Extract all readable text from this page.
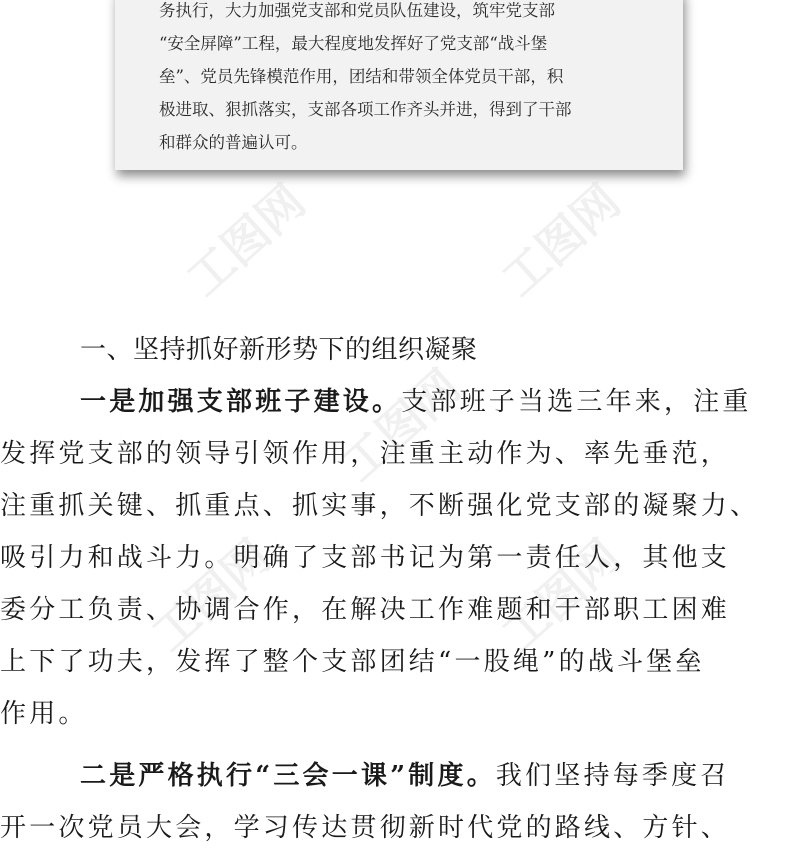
务执行，大力加强党支部和党员队伍建设，筑牢党支部
“安全屏障”工程，最大程度地发挥好了党支部“战斗堡
垒”、党员先锋模范作用，团结和带领全体党员干部，积
极进取、狠抓落实，支部各项工作齐头并进，得到了干部
和群众的普遍认可。
工图网	工图网
工图网
工图网	工图网
一、坚持抓好新形势下的组织凝聚
一是加强支部班子建设。支部班子当选三年来，注重
发挥党支部的领导引领作用，注重主动作为、率先垂范，
注重抓关键、抓重点、抓实事，不断强化党支部的凝聚力、
吸引力和战斗力。明确了支部书记为第一责任人，其他支
委分工负责、协调合作，在解决工作难题和干部职工困难
上下了功夫，发挥了整个支部团结“一股绳”的战斗堡垒
作用。
二是严格执行“三会一课”制度。我们坚持每季度召
开一次党员大会，学习传达贯彻新时代党的路线、方针、
